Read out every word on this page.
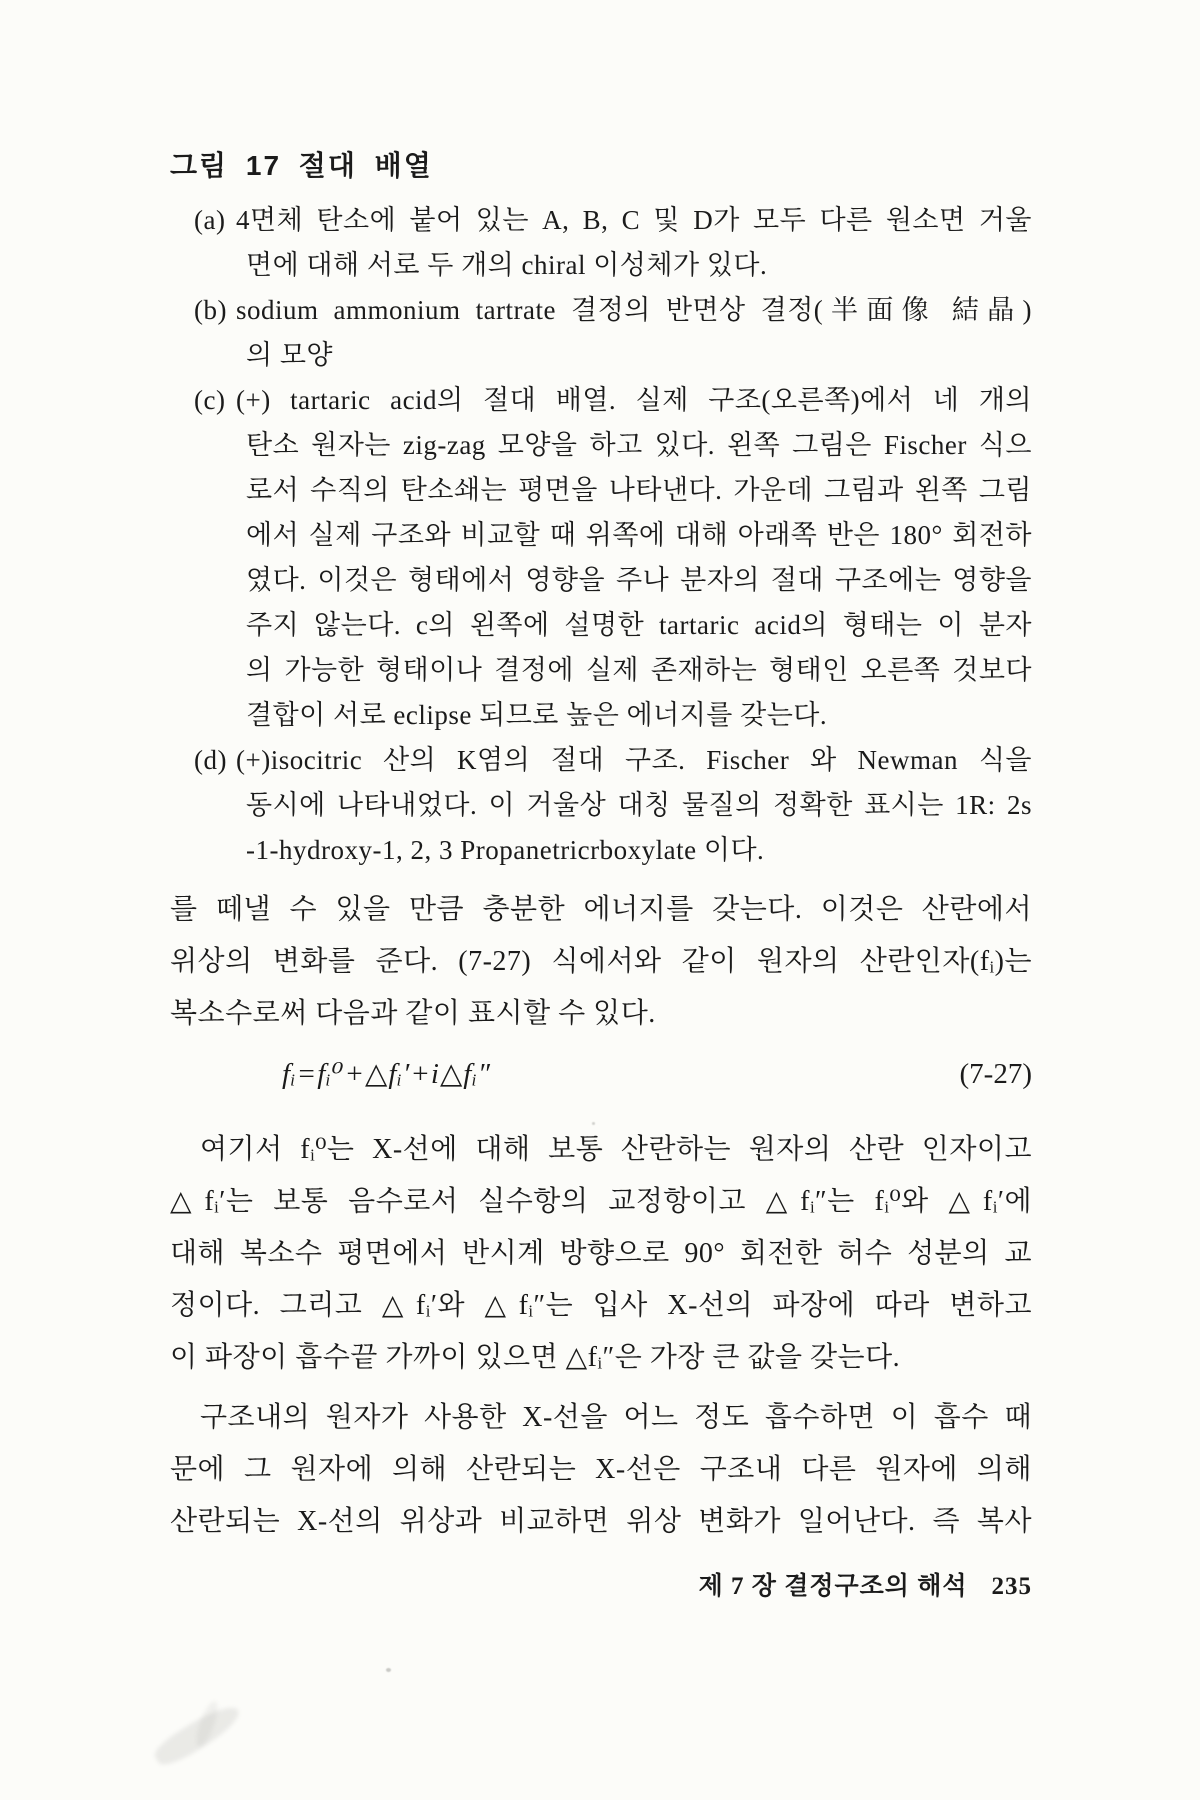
그림 17 절대 배열
(a) 4면체 탄소에 붙어 있는 A, B, C 및 D가 모두 다른 원소면 거울
면에 대해 서로 두 개의 chiral 이성체가 있다.
(b) sodium ammonium tartrate 결정의 반면상 결정(半面像 結晶)
의 모양
(c) (+) tartaric acid의 절대 배열. 실제 구조(오른쪽)에서 네 개의
탄소 원자는 zig-zag 모양을 하고 있다. 왼쪽 그림은 Fischer 식으
로서 수직의 탄소쇄는 평면을 나타낸다. 가운데 그림과 왼쪽 그림
에서 실제 구조와 비교할 때 위쪽에 대해 아래쪽 반은 180° 회전하
였다. 이것은 형태에서 영향을 주나 분자의 절대 구조에는 영향을
주지 않는다. c의 왼쪽에 설명한 tartaric acid의 형태는 이 분자
의 가능한 형태이나 결정에 실제 존재하는 형태인 오른쪽 것보다
결합이 서로 eclipse 되므로 높은 에너지를 갖는다.
(d) (+)isocitric 산의 K염의 절대 구조. Fischer 와 Newman 식을
동시에 나타내었다. 이 거울상 대칭 물질의 정확한 표시는 1R: 2s
-1-hydroxy-1, 2, 3 Propanetricrboxylate 이다.
를 떼낼 수 있을 만큼 충분한 에너지를 갖는다. 이것은 산란에서
위상의 변화를 준다. (7-27) 식에서와 같이 원자의 산란인자(fᵢ)는
복소수로써 다음과 같이 표시할 수 있다.
fᵢ=fᵢ⁰+△fᵢ′+i△fᵢ″	(7-27)
여기서 fᵢ⁰는 X-선에 대해 보통 산란하는 원자의 산란 인자이고
△fᵢ′는 보통 음수로서 실수항의 교정항이고 △fᵢ″는 fᵢ⁰와 △fᵢ′에
대해 복소수 평면에서 반시계 방향으로 90° 회전한 허수 성분의 교
정이다. 그리고 △fᵢ′와 △fᵢ″는 입사 X-선의 파장에 따라 변하고
이 파장이 흡수끝 가까이 있으면 △fᵢ″은 가장 큰 값을 갖는다.
구조내의 원자가 사용한 X-선을 어느 정도 흡수하면 이 흡수 때
문에 그 원자에 의해 산란되는 X-선은 구조내 다른 원자에 의해
산란되는 X-선의 위상과 비교하면 위상 변화가 일어난다. 즉 복사
제 7 장 결정구조의 해석 235
